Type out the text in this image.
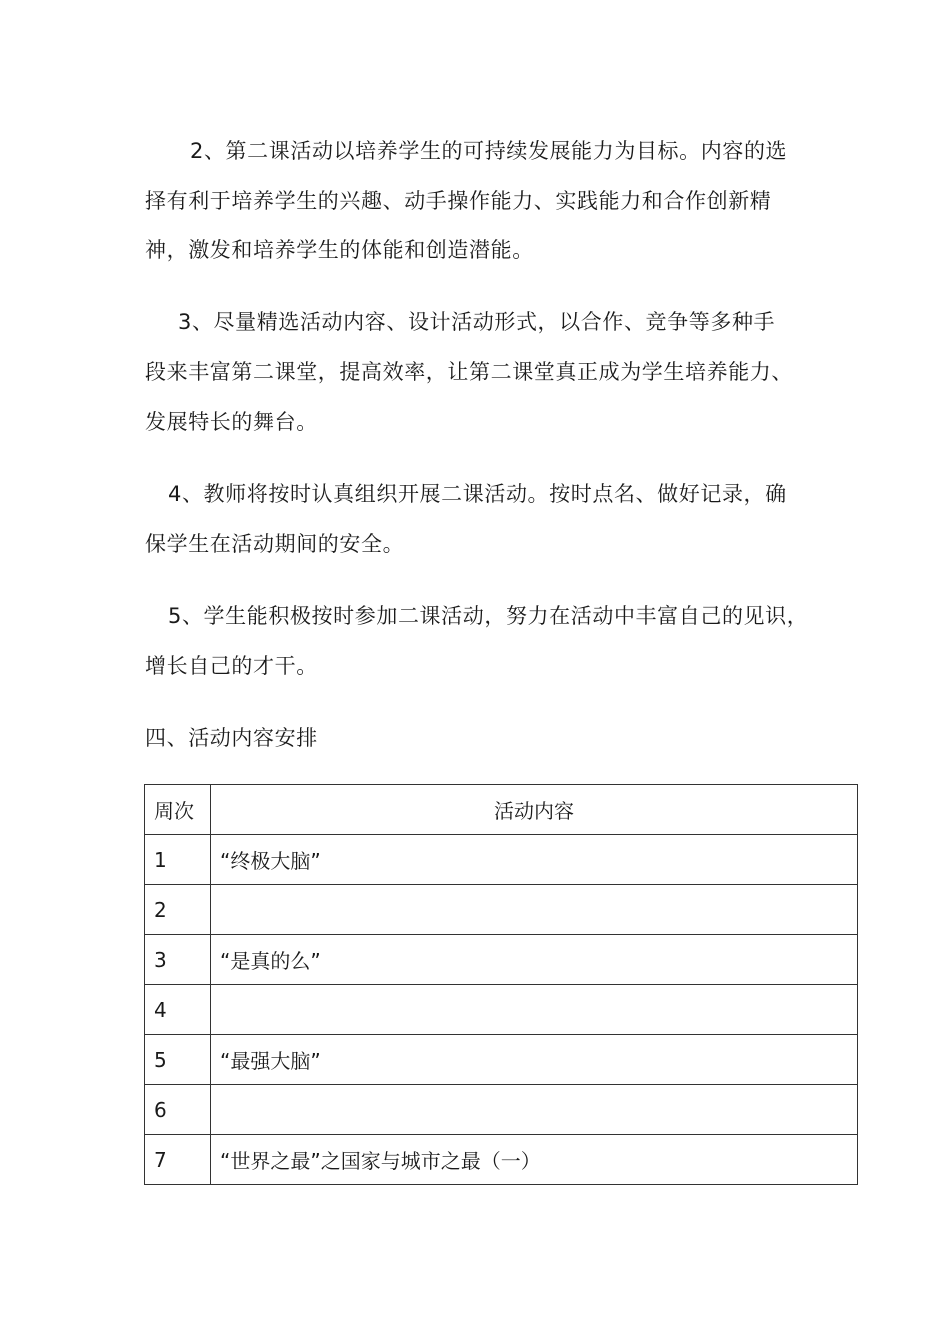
2、第二课活动以培养学生的可持续发展能力为目标。内容的选
择有利于培养学生的兴趣、动手操作能力、实践能力和合作创新精
神，激发和培养学生的体能和创造潜能。
3、尽量精选活动内容、设计活动形式，以合作、竞争等多种手
段来丰富第二课堂，提高效率，让第二课堂真正成为学生培养能力、
发展特长的舞台。
4、教师将按时认真组织开展二课活动。按时点名、做好记录，确
保学生在活动期间的安全。
5、学生能积极按时参加二课活动，努力在活动中丰富自己的见识，
增长自己的才干。
四、活动内容安排
周次	活动内容
1	“终极大脑”
2	
3	“是真的么”
4	
5	“最强大脑”
6	
7	“世界之最”之国家与城市之最（一）
